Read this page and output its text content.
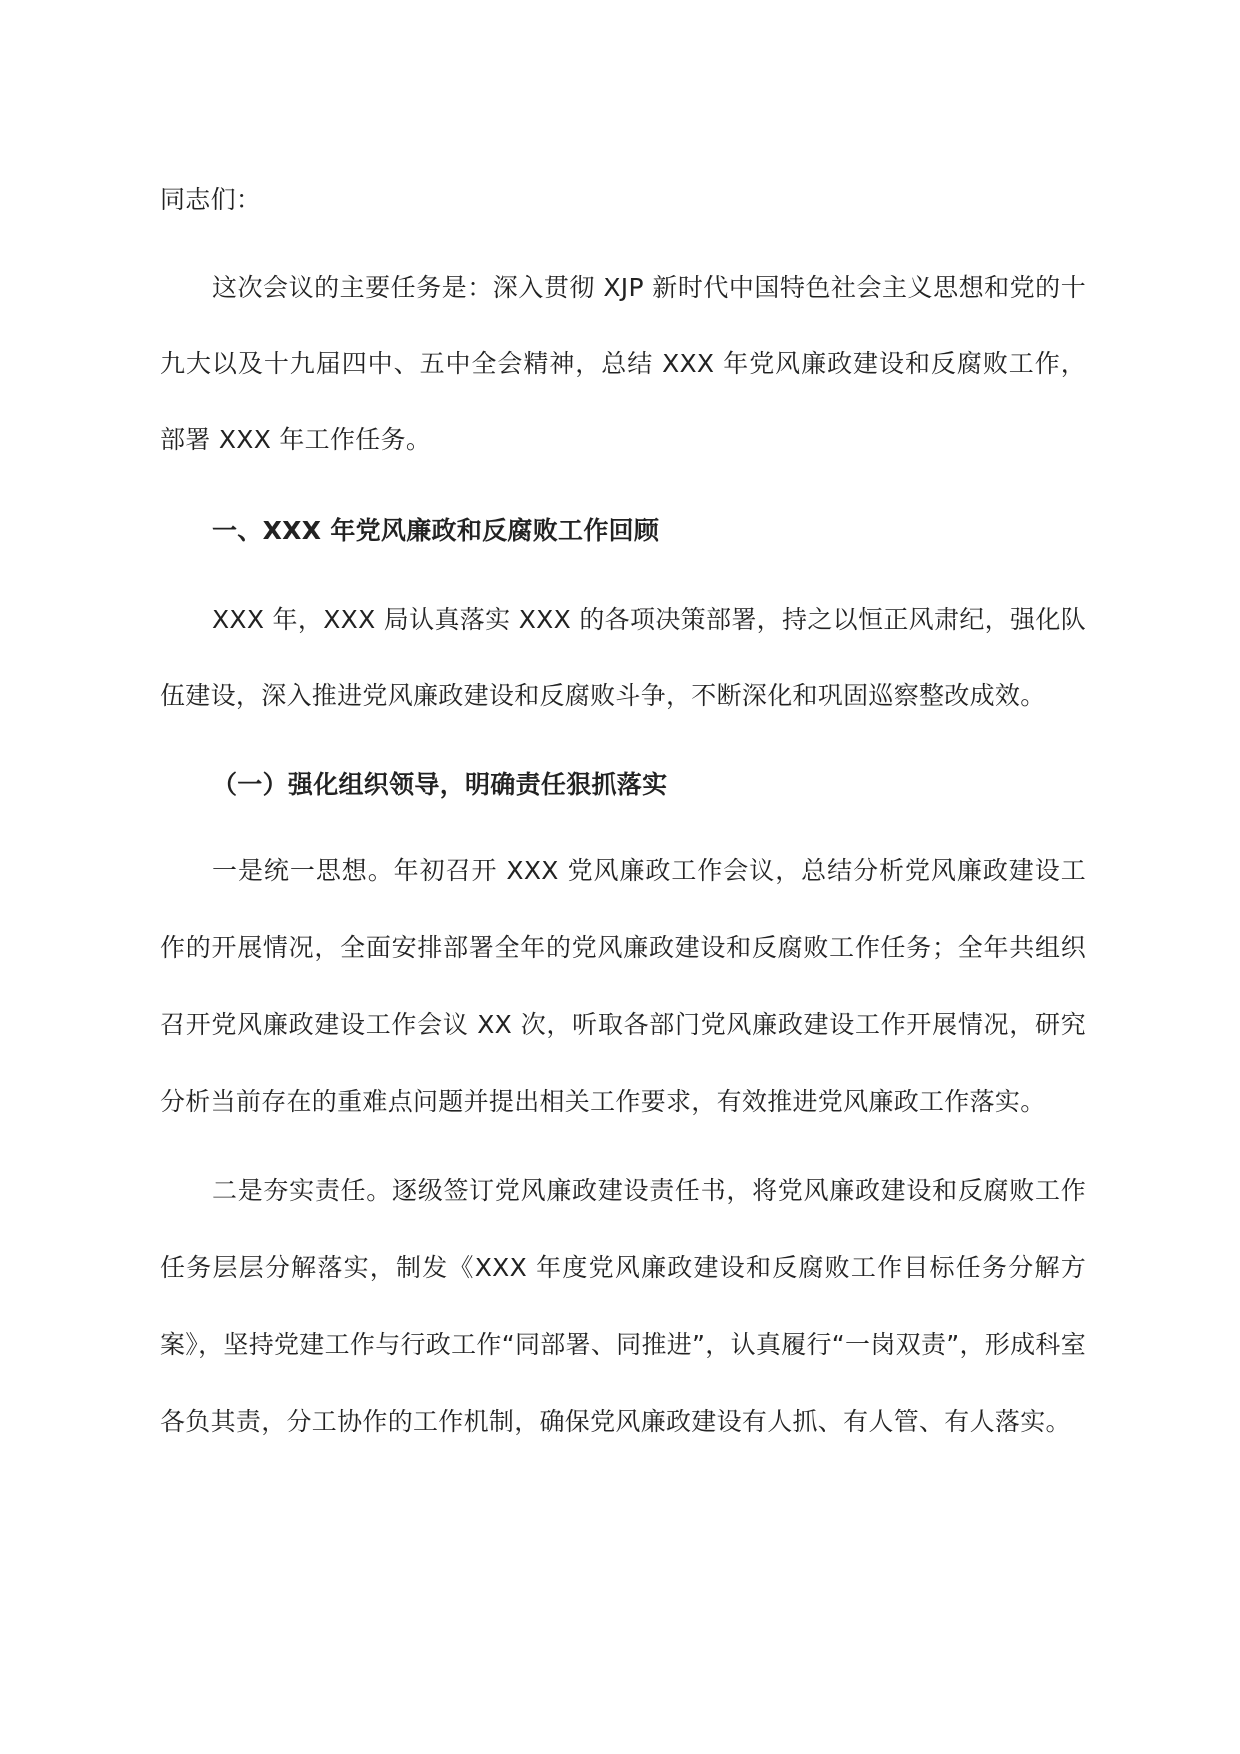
同志们：

这次会议的主要任务是：深入贯彻 XJP 新时代中国特色社会主义思想和党的十九大以及十九届四中、五中全会精神，总结 XXX 年党风廉政建设和反腐败工作，部署 XXX 年工作任务。

一、XXX 年党风廉政和反腐败工作回顾

XXX 年，XXX 局认真落实 XXX 的各项决策部署，持之以恒正风肃纪，强化队伍建设，深入推进党风廉政建设和反腐败斗争，不断深化和巩固巡察整改成效。

（一）强化组织领导，明确责任狠抓落实

一是统一思想。年初召开 XXX 党风廉政工作会议，总结分析党风廉政建设工作的开展情况，全面安排部署全年的党风廉政建设和反腐败工作任务；全年共组织召开党风廉政建设工作会议 XX 次，听取各部门党风廉政建设工作开展情况，研究分析当前存在的重难点问题并提出相关工作要求，有效推进党风廉政工作落实。

二是夯实责任。逐级签订党风廉政建设责任书，将党风廉政建设和反腐败工作任务层层分解落实，制发《XXX 年度党风廉政建设和反腐败工作目标任务分解方案》，坚持党建工作与行政工作“同部署、同推进”，认真履行“一岗双责”，形成科室各负其责，分工协作的工作机制，确保党风廉政建设有人抓、有人管、有人落实。
